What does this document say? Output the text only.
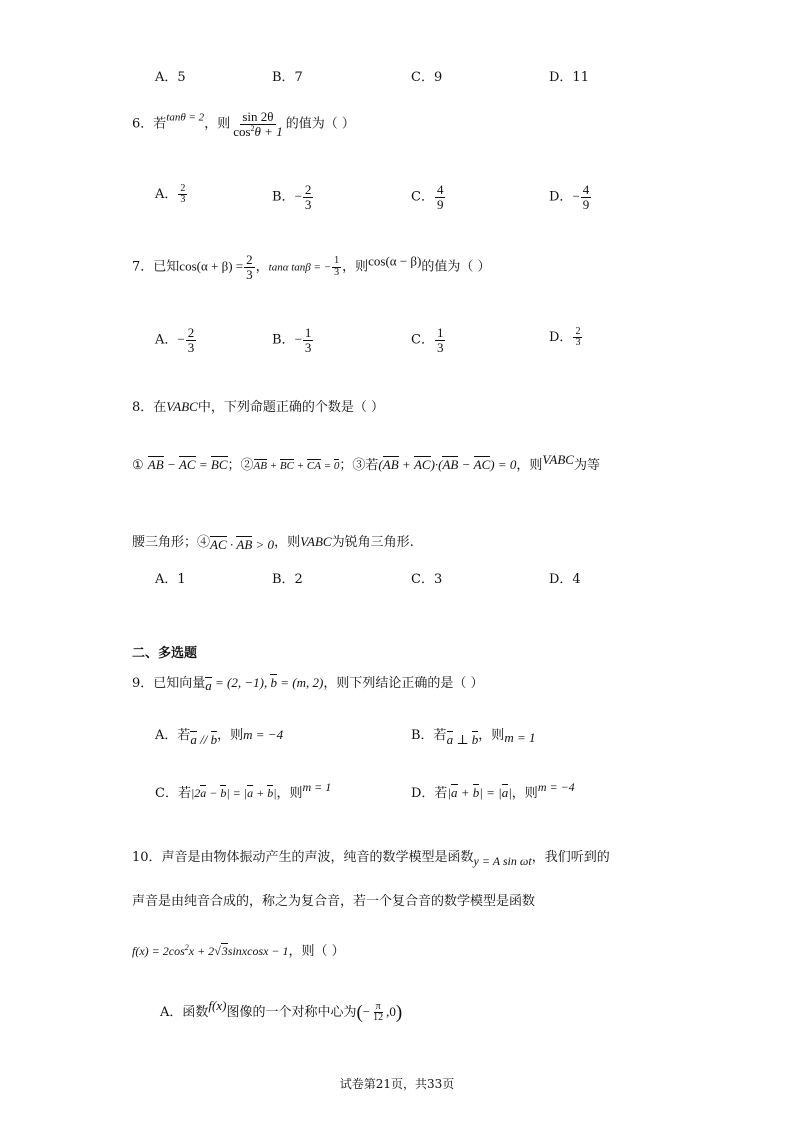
A．5	B．7	C．9	D．11
6．若$^{tan\theta = 2}$，则 $\frac{\sin 2\theta}{\cos^2\theta + 1}$ 的值为（ ）
A． $\frac{2}{3}$	B．− $\frac{2}{3}$	C． $\frac{4}{9}$	D．− $\frac{4}{9}$
7．已知$\cos(\alpha + \beta) = \frac{2}{3}$ ，tanα tanβ = − $\frac{1}{3}$ ，则cos(α − β)的值为（ ）
A．− $\frac{2}{3}$	B．− $\frac{1}{3}$	C． $\frac{1}{3}$	D． $\frac{2}{3}$
8．在VABC中，下列命题正确的个数是（ ）
① AB − AC = BC；②AB + BC + CA = 0；③若(AB + AC)·(AB − AC) = 0，则VABC为等
腰三角形；④AC · AB > 0，则VABC为锐角三角形.
A．1	B．2	C．3	D．4
二、多选题
9．已知向量a = (2, −1), b = (m, 2)，则下列结论正确的是（ ）
A．若a // b，则m = −4	B．若a ⊥ b，则m = 1
C．若|2a − b| = |a + b|，则m = 1	D．若|a + b| = |a|，则m = −4
10．声音是由物体振动产生的声波，纯音的数学模型是函数y = A sin ωt，我们听到的
声音是由纯音合成的，称之为复合音，若一个复合音的数学模型是函数
$f(x) = 2\cos^2x$ + 2√3sinxcosx − 1，则（ ）
A．函数f(x)图像的一个对称中心为(− $\frac{\pi}{12} ,0$)
试卷第21页，共33页
